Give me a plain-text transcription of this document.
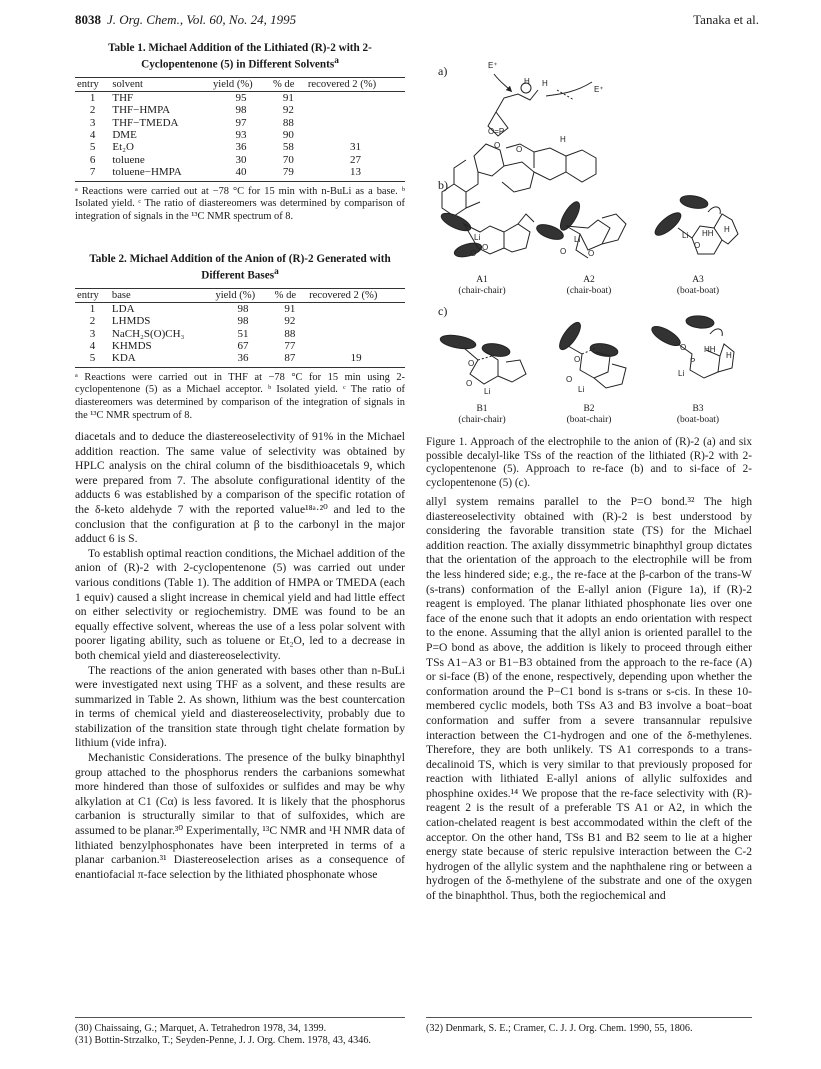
8038 J. Org. Chem., Vol. 60, No. 24, 1995	Tanaka et al.
Table 1. Michael Addition of the Lithiated (R)-2 with 2-Cyclopentenone (5) in Different Solvents$^a$
entry	solvent	yield (%)	% de	recovered 2 (%)
1	THF	95	91	
2	THF−HMPA	98	92	
3	THF−TMEDA	97	88	
4	DME	93	90	
5	Et₂O	36	58	31
6	toluene	30	70	27
7	toluene−HMPA	40	79	13
ᵃ Reactions were carried out at −78 °C for 15 min with n-BuLi as a base. ᵇ Isolated yield. ᶜ The ratio of diastereomers was determined by comparison of integration of signals in the ¹³C NMR spectrum of 8.
Table 2. Michael Addition of the Anion of (R)-2 Generated with Different Bases$^a$
entry	base	yield (%)	% de	recovered 2 (%)
1	LDA	98	91	
2	LHMDS	98	92	
3	NaCH₂S(O)CH₃	51	88	
4	KHMDS	67	77	
5	KDA	36	87	19
ᵃ Reactions were carried out in THF at −78 °C for 15 min using 2-cyclopentenone (5) as a Michael acceptor. ᵇ Isolated yield. ᶜ The ratio of diastereomers was determined by comparison of the integration of signals in the ¹³C NMR spectrum of 8.
E⁺
E⁺
H H
O=P
O O
H
Li
O
O
Li
O	O
Li
O
HH H
O
O
Li
O
O
Li
O
P
HH
H
Li
a)
b)
c)
A1
(chair-chair)
A2
(chair-boat)
A3
(boat-boat)
B1
(chair-chair)
B2
(boat-chair)
B3
(boat-boat)
Figure 1. Approach of the electrophile to the anion of (R)-2 (a) and six possible decalyl-like TSs of the reaction of the lithiated (R)-2 with 2-cyclopentenone (5). Approach to re-face (b) and to si-face of 2-cyclopentenone (5) (c).

diacetals and to deduce the diastereoselectivity of 91% in the Michael addition reaction. The same value of selectivity was obtained by HPLC analysis on the chiral column of the bisdithioacetals 9, which were prepared from 7. The absolute configurational identity of the adducts 6 was established by a comparison of the specific rotation of the δ-keto aldehyde 7 with the reported value¹⁸ᵃ·²⁰ and led to the conclusion that the configuration at β to the carbonyl in the major adduct 6 is S.

To establish optimal reaction conditions, the Michael addition of the anion of (R)-2 with 2-cyclopentenone (5) was carried out under various conditions (Table 1). The addition of HMPA or TMEDA (each 1 equiv) caused a slight increase in chemical yield and had little effect on either selectivity or regiochemistry. DME was found to be an equally effective solvent, whereas the use of a less polar solvent with poorer ligating ability, such as toluene or Et₂O, led to a decrease in both chemical yield and diastereoselectivity.

The reactions of the anion generated with bases other than n-BuLi were investigated next using THF as a solvent, and these results are summarized in Table 2. As shown, lithium was the best countercation in terms of chemical yield and diastereoselectivity, probably due to stabilization of the transition state through tight chelate formation by lithium (vide infra).

Mechanistic Considerations. The presence of the bulky binaphthyl group attached to the phosphorus renders the carbanions somewhat more hindered than those of sulfoxides or sulfides and may be why alkylation at C1 (Cα) is less favored. It is likely that the phosphorus carbanion is structurally similar to that of sulfoxides, which are assumed to be planar.³⁰ Experimentally, ¹³C NMR and ¹H NMR data of lithiated benzylphosphonates have been interpreted in terms of a planar carbanion.³¹ Diastereoselection arises as a consequence of enantiofacial π-face selection by the lithiated phosphonate whose

allyl system remains parallel to the P=O bond.³² The high diastereoselectivity obtained with (R)-2 is best understood by considering the favorable transition state (TS) for the Michael addition reaction. The axially dissymmetric binaphthyl group dictates that the orientation of the approach to the electrophile will be from the less hindered side; e.g., the re-face at the β-carbon of the trans-W (s-trans) conformation of the E-allyl anion (Figure 1a), if (R)-2 reagent is employed. The planar lithiated phosphonate lies over one face of the enone such that it adopts an endo orientation with respect to the enone. Assuming that the allyl anion is oriented parallel to the P=O bond as above, the addition is likely to proceed through either TSs A1−A3 or B1−B3 obtained from the approach to the re-face (A) or si-face (B) of the enone, respectively, depending upon whether the conformation around the P−C1 bond is s-trans or s-cis. In these 10-membered cyclic models, both TSs A3 and B3 involve a boat−boat conformation and suffer from a severe transannular repulsive interaction between the C1-hydrogen and one of the δ-methylenes. Therefore, they are both unlikely. TS A1 corresponds to a trans-decalinoid TS, which is very similar to that previously proposed for reaction with lithiated E-allyl anions of allylic sulfoxides and phosphine oxides.¹⁴ We propose that the re-face selectivity with (R)-reagent 2 is the result of a preferable TS A1 or A2, in which the cation-chelated reagent is best accommodated within the cleft of the acceptor. On the other hand, TSs B1 and B2 seem to lie at a higher energy state because of steric repulsive interaction between the C-2 hydrogen of the allylic system and the naphthalene ring or between a hydrogen of the δ-methylene of the substrate and one of the oxygen of the binaphthol. Thus, both the regiochemical and

(30) Chaissaing, G.; Marquet, A. Tetrahedron 1978, 34, 1399.
(31) Bottin-Strzalko, T.; Seyden-Penne, J. J. Org. Chem. 1978, 43, 4346.
(32) Denmark, S. E.; Cramer, C. J. J. Org. Chem. 1990, 55, 1806.
